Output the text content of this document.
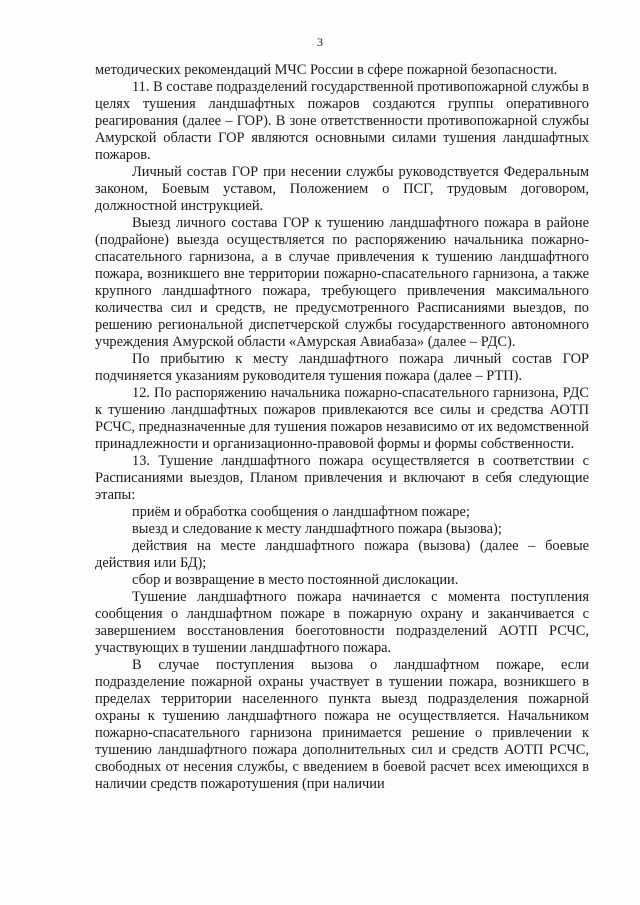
3

методических рекомендаций МЧС России в сфере пожарной безопасности.

11. В составе подразделений государственной противопожарной службы в целях тушения ландшафтных пожаров создаются группы оперативного реагирования (далее – ГОР). В зоне ответственности противопожарной службы Амурской области ГОР являются основными силами тушения ландшафтных пожаров.

Личный состав ГОР при несении службы руководствуется Федеральным законом, Боевым уставом, Положением о ПСГ, трудовым договором, должностной инструкцией.

Выезд личного состава ГОР к тушению ландшафтного пожара в районе (подрайоне) выезда осуществляется по распоряжению начальника пожарно-спасательного гарнизона, а в случае привлечения к тушению ландшафтного пожара, возникшего вне территории пожарно-спасательного гарнизона, а также крупного ландшафтного пожара, требующего привлечения максимального количества сил и средств, не предусмотренного Расписаниями выездов, по решению региональной диспетчерской службы государственного автономного учреждения Амурской области «Амурская Авиабаза» (далее – РДС).

По прибытию к месту ландшафтного пожара личный состав ГОР подчиняется указаниям руководителя тушения пожара (далее – РТП).

12. По распоряжению начальника пожарно-спасательного гарнизона, РДС к тушению ландшафтных пожаров привлекаются все силы и средства АОТП РСЧС, предназначенные для тушения пожаров независимо от их ведомственной принадлежности и организационно-правовой формы и формы собственности.

13. Тушение ландшафтного пожара осуществляется в соответствии с Расписаниями выездов, Планом привлечения и включают в себя следующие этапы:

приём и обработка сообщения о ландшафтном пожаре;

выезд и следование к месту ландшафтного пожара (вызова);

действия на месте ландшафтного пожара (вызова) (далее – боевые действия или БД);

сбор и возвращение в место постоянной дислокации.

Тушение ландшафтного пожара начинается с момента поступления сообщения о ландшафтном пожаре в пожарную охрану и заканчивается с завершением восстановления боеготовности подразделений АОТП РСЧС, участвующих в тушении ландшафтного пожара.

В случае поступления вызова о ландшафтном пожаре, если подразделение пожарной охраны участвует в тушении пожара, возникшего в пределах территории населенного пункта выезд подразделения пожарной охраны к тушению ландшафтного пожара не осуществляется. Начальником пожарно-спасательного гарнизона принимается решение о привлечении к тушению ландшафтного пожара дополнительных сил и средств АОТП РСЧС, свободных от несения службы, с введением в боевой расчет всех имеющихся в наличии средств пожаротушения (при наличии
